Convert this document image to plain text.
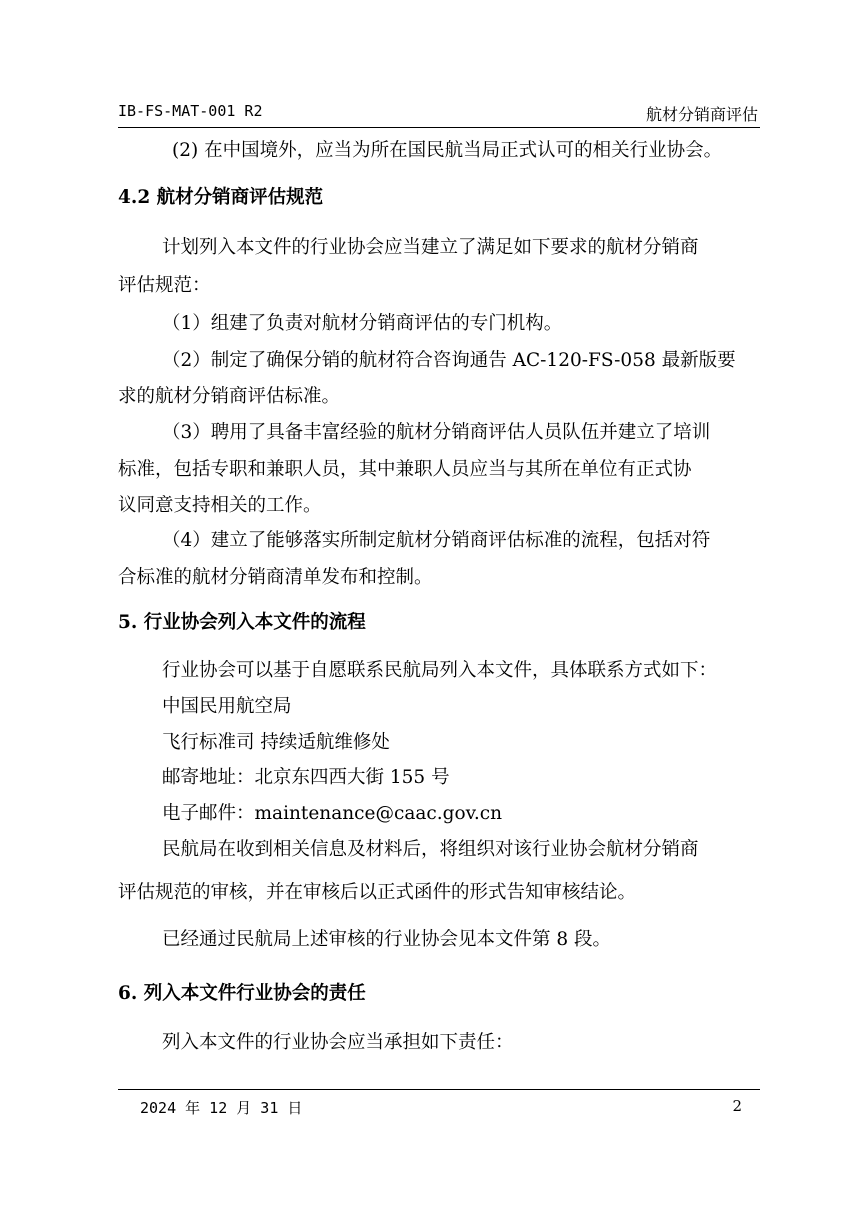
IB-FS-MAT-001 R2	航材分销商评估
(2) 在中国境外，应当为所在国民航当局正式认可的相关行业协会。
4.2 航材分销商评估规范
计划列入本文件的行业协会应当建立了满足如下要求的航材分销商
评估规范：
（1）组建了负责对航材分销商评估的专门机构。
（2）制定了确保分销的航材符合咨询通告 AC-120-FS-058 最新版要
求的航材分销商评估标准。
（3）聘用了具备丰富经验的航材分销商评估人员队伍并建立了培训
标准，包括专职和兼职人员，其中兼职人员应当与其所在单位有正式协
议同意支持相关的工作。
（4）建立了能够落实所制定航材分销商评估标准的流程，包括对符
合标准的航材分销商清单发布和控制。
5. 行业协会列入本文件的流程
行业协会可以基于自愿联系民航局列入本文件，具体联系方式如下：
中国民用航空局
飞行标准司 持续适航维修处
邮寄地址：北京东四西大街 155 号
电子邮件：maintenance@caac.gov.cn
民航局在收到相关信息及材料后，将组织对该行业协会航材分销商
评估规范的审核，并在审核后以正式函件的形式告知审核结论。
已经通过民航局上述审核的行业协会见本文件第 8 段。
6. 列入本文件行业协会的责任
列入本文件的行业协会应当承担如下责任：
2024 年 12 月 31 日	2
